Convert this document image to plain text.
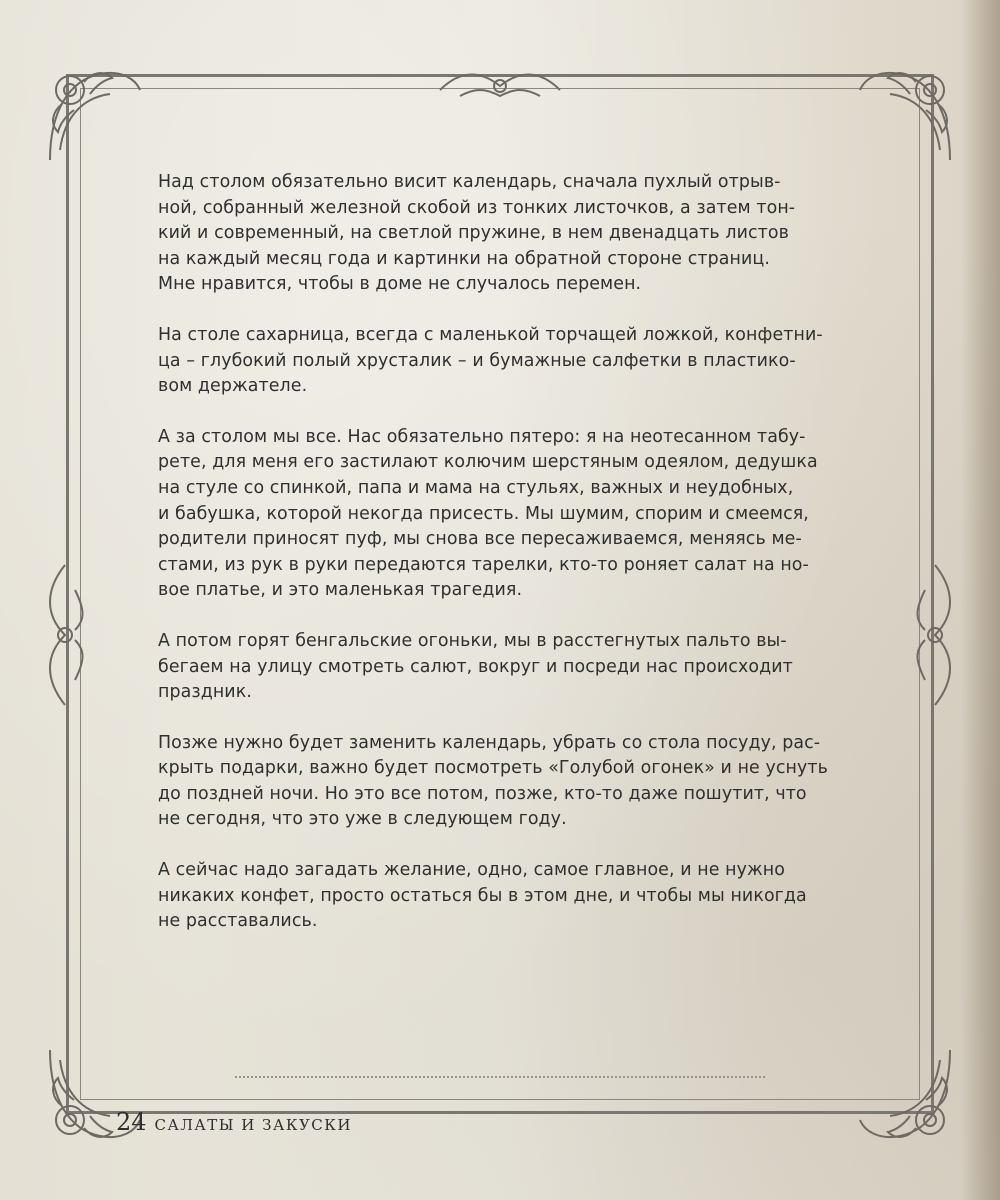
Над столом обязательно висит календарь, сначала пухлый отрыв-
ной, собранный железной скобой из тонких листочков, а затем тон-
кий и современный, на светлой пружине, в нем двенадцать листов
на каждый месяц года и картинки на обратной стороне страниц.
Мне нравится, чтобы в доме не случалось перемен.

На столе сахарница, всегда с маленькой торчащей ложкой, конфетни-
ца – глубокий полый хрусталик – и бумажные салфетки в пластико-
вом держателе.

А за столом мы все. Нас обязательно пятеро: я на неотесанном табу-
рете, для меня его застилают колючим шерстяным одеялом, дедушка
на стуле со спинкой, папа и мама на стульях, важных и неудобных,
и бабушка, которой некогда присесть. Мы шумим, спорим и смеемся,
родители приносят пуф, мы снова все пересаживаемся, меняясь ме-
стами, из рук в руки передаются тарелки, кто-то роняет салат на но-
вое платье, и это маленькая трагедия.

А потом горят бенгальские огоньки, мы в расстегнутых пальто вы-
бегаем на улицу смотреть салют, вокруг и посреди нас происходит
праздник.

Позже нужно будет заменить календарь, убрать со стола посуду, рас-
крыть подарки, важно будет посмотреть «Голубой огонек» и не уснуть
до поздней ночи. Но это все потом, позже, кто-то даже пошутит, что
не сегодня, что это уже в следующем году.

А сейчас надо загадать желание, одно, самое главное, и не нужно
никаких конфет, просто остаться бы в этом дне, и чтобы мы никогда
не расставались.

24 САЛАТЫ И ЗАКУСКИ
